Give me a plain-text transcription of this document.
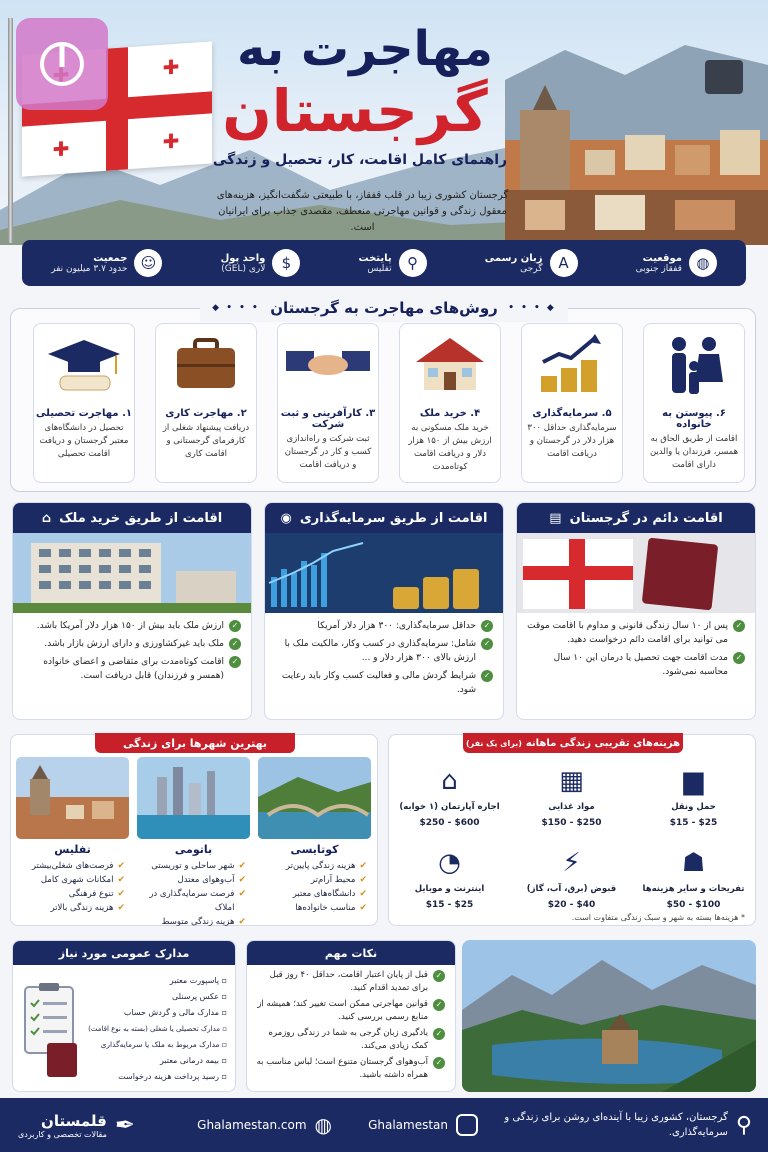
✚
✚	✚
مهاجرت به
گرجستان
راهنمای کامل اقامت، کار، تحصیل و زندگی
گرجستان کشوری زیبا در قلب قفقاز، با طبیعتی شگفت‌انگیز، هزینه‌های معقول زندگی و قوانین مهاجرتی منعطف، مقصدی جذاب برای ایرانیان است.
◍
موقعیت
قفقاز جنوبی
A
زبان رسمی
گرجی
⚲
پایتخت
تفلیس
$
واحد پول
لاری (GEL)
☺
جمعیت
حدود ۳.۷ میلیون نفر
◆ • • •

روش‌های مهاجرت به گرجستان

• • • ◆
۶. پیوستن به خانواده
اقامت از طریق الحاق به همسر، فرزندان یا والدین دارای اقامت
۵. سرمایه‌گذاری
سرمایه‌گذاری حداقل ۳۰۰ هزار دلار در گرجستان و دریافت اقامت
۴. خرید ملک
خرید ملک مسکونی به ارزش بیش از ۱۵۰ هزار دلار و دریافت اقامت کوتاه‌مدت
۳. کارآفرینی و ثبت شرکت
ثبت شرکت و راه‌اندازی کسب و کار در گرجستان و دریافت اقامت
۲. مهاجرت کاری
دریافت پیشنهاد شغلی از کارفرمای گرجستانی و اقامت کاری
۱. مهاجرت تحصیلی
تحصیل در دانشگاه‌های معتبر گرجستان و دریافت اقامت تحصیلی
اقامت دائم در گرجستان
▤
✓
پس از ۱۰ سال زندگی قانونی و مداوم با اقامت موقت می توانید برای اقامت دائم درخواست دهید.
✓
مدت اقامت جهت تحصیل یا درمان این ۱۰ سال محاسبه نمی‌شود.
اقامت از طریق سرمایه‌گذاری
◉
✓
حداقل سرمایه‌گذاری: ۳۰۰ هزار دلار آمریکا
✓
شامل: سرمایه‌گذاری در کسب وکار، مالکیت ملک با ارزش بالای ۳۰۰ هزار دلار و ...
✓
شرایط گردش مالی و فعالیت کسب وکار باید رعایت شود.
اقامت از طریق خرید ملک
⌂
✓
ارزش ملک باید بیش از ۱۵۰ هزار دلار آمریکا باشد.
✓
ملک باید غیرکشاورزی و دارای ارزش بازار باشد.
✓
اقامت کوتاه‌مدت برای متقاضی و اعضای خانواده (همسر و فرزندان) قابل دریافت است.
بهترین شهرها برای زندگی
کوتایسی
✔
هزینه زندگی پایین‌تر
✔
محیط آرام‌تر
✔
دانشگاه‌های معتبر
✔
مناسب خانواده‌ها
باتومی
✔
شهر ساحلی و توریستی
✔
آب‌وهوای معتدل
✔
فرصت سرمایه‌گذاری در املاک
✔
هزینه زندگی متوسط
تفلیس
✔
فرصت‌های شغلی‌بیشتر
✔
امکانات شهری کامل
✔
تنوع فرهنگی
✔
هزینه زندگی بالاتر
هزینه‌های تقریبی زندگی ماهانه
(برای یک نفر)
▆
حمل ونقل
$15 - $25
▦
مواد غذایی
$150 - $250
⌂
اجاره آپارتمان (۱ خوابه)
$250 - $600
☗
تفریحات و سایر هزینه‌ها
$50 - $100
⚡
قبوض (برق، آب، گاز)
$20 - $40
◔
اینترنت و موبایل
$15 - $25
* هزینه‌ها بسته به شهر و سبک زندگی متفاوت است.
مدارک عمومی مورد نیاز
▫ پاسپورت معتبر
▫ عکس پرسنلی
▫ مدارک مالی و گردش حساب
▫ مدارک تحصیلی یا شغلی (بسته به نوع اقامت)
▫ مدارک مربوط به ملک یا سرمایه‌گذاری
▫ بیمه درمانی معتبر
▫ رسید پرداخت هزینه درخواست
نکات مهم
✓
قبل از پایان اعتبار اقامت، حداقل ۴۰ روز قبل برای تمدید اقدام کنید.
✓
قوانین مهاجرتی ممکن است تغییر کند؛ همیشه از منابع رسمی بررسی کنید.
✓
یادگیری زبان گرجی به شما در زندگی روزمره کمک زیادی می‌کند.
✓
آب‌وهوای گرجستان متنوع است؛ لباس مناسب به همراه داشته باشید.
⚲
گرجستان، کشوری زیبا با آینده‌ای روشن برای زندگی و سرمایه‌گذاری.
Ghalamestan
◍
Ghalamestan.com
✒
قلمستان
مقالات تخصصی و کاربردی
